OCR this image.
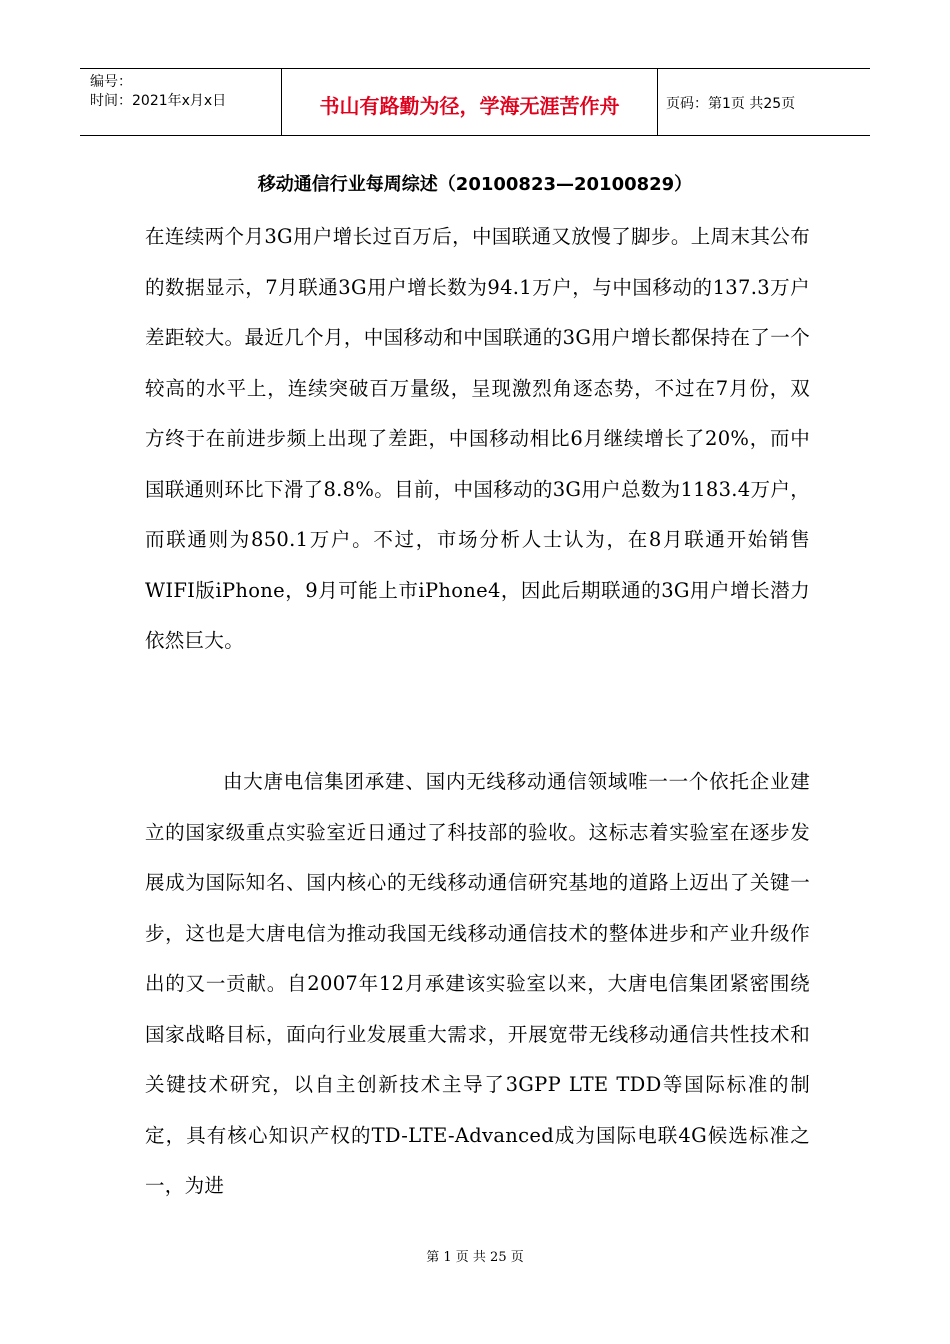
编号：
时间：2021年x月x日	书山有路勤为径，学海无涯苦作舟	页码：第1页 共25页
移动通信行业每周综述（20100823—20100829）

在连续两个月3G用户增长过百万后，中国联通又放慢了脚步。上周末其公布的数据显示，7月联通3G用户增长数为94.1万户，与中国移动的137.3万户差距较大。最近几个月，中国移动和中国联通的3G用户增长都保持在了一个较高的水平上，连续突破百万量级，呈现激烈角逐态势，不过在7月份，双方终于在前进步频上出现了差距，中国移动相比6月继续增长了20%，而中国联通则环比下滑了8.8%。目前，中国移动的3G用户总数为1183.4万户，而联通则为850.1万户。不过，市场分析人士认为，在8月联通开始销售WIFI版iPhone，9月可能上市iPhone4，因此后期联通的3G用户增长潜力依然巨大。

由大唐电信集团承建、国内无线移动通信领域唯一一个依托企业建立的国家级重点实验室近日通过了科技部的验收。这标志着实验室在逐步发展成为国际知名、国内核心的无线移动通信研究基地的道路上迈出了关键一步，这也是大唐电信为推动我国无线移动通信技术的整体进步和产业升级作出的又一贡献。自2007年12月承建该实验室以来，大唐电信集团紧密围绕国家战略目标，面向行业发展重大需求，开展宽带无线移动通信共性技术和关键技术研究，以自主创新技术主导了3GPP LTE TDD等国际标准的制定，具有核心知识产权的TD-LTE-Advanced成为国际电联4G候选标准之一，为进

第 1 页 共 25 页
